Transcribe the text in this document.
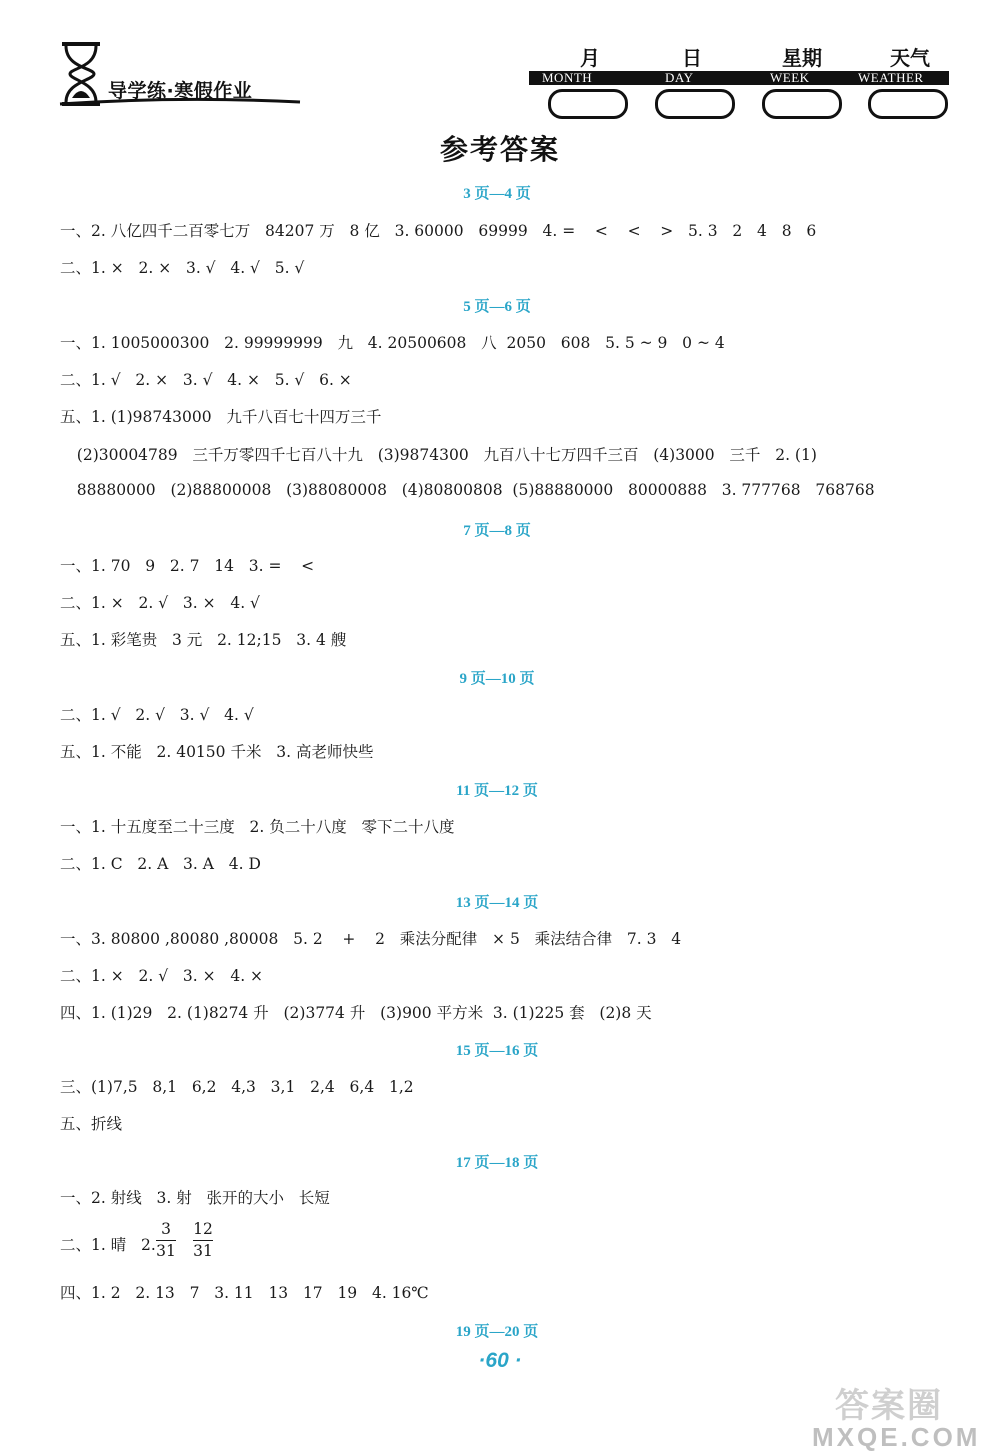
导学练·寒假作业
月	日	星期	天气
MONTH	DAY	WEEK	WEATHER
参考答案
3 页—4 页
一、2. 八亿四千二百零七万   84207 万   8 亿   3. 60000   69999   4. =    <    <    >   5. 3   2   4   8   6
二、1. ×   2. ×   3. √   4. √   5. √
5 页—6 页
一、1. 1005000300   2. 99999999   九   4. 20500608   八  2050   608   5. 5 ~ 9   0 ~ 4
二、1. √   2. ×   3. √   4. ×   5. √   6. ×
五、1. (1)98743000   九千八百七十四万三千
(2)30004789   三千万零四千七百八十九   (3)9874300   九百八十七万四千三百   (4)3000   三千   2. (1)
88880000   (2)88800008   (3)88080008   (4)80800808  (5)88880000   80000888   3. 777768   768768
7 页—8 页
一、1. 70   9   2. 7   14   3. =    <
二、1. ×   2. √   3. ×   4. √
五、1. 彩笔贵   3 元   2. 12;15   3. 4 艘
9 页—10 页
二、1. √   2. √   3. √   4. √
五、1. 不能   2. 40150 千米   3. 高老师快些
11 页—12 页
一、1. 十五度至二十三度   2. 负二十八度   零下二十八度
二、1. C   2. A   3. A   4. D
13 页—14 页
一、3. 80800 ,80080 ,80008   5. 2    +    2   乘法分配律   × 5   乘法结合律   7. 3   4
二、1. ×   2. √   3. ×   4. ×
四、1. (1)29   2. (1)8274 升   (2)3774 升   (3)900 平方米  3. (1)225 套   (2)8 天
15 页—16 页
三、(1)7,5   8,1   6,2   4,3   3,1   2,4   6,4   1,2
五、折线
17 页—18 页
一、2. 射线   3. 射   张开的大小   长短
二、1. 晴   2.
3
31
12
31
四、1. 2   2. 13   7   3. 11   13   17   19   4. 16℃
19 页—20 页
·60 ·
答案圈
MXQE.COM
